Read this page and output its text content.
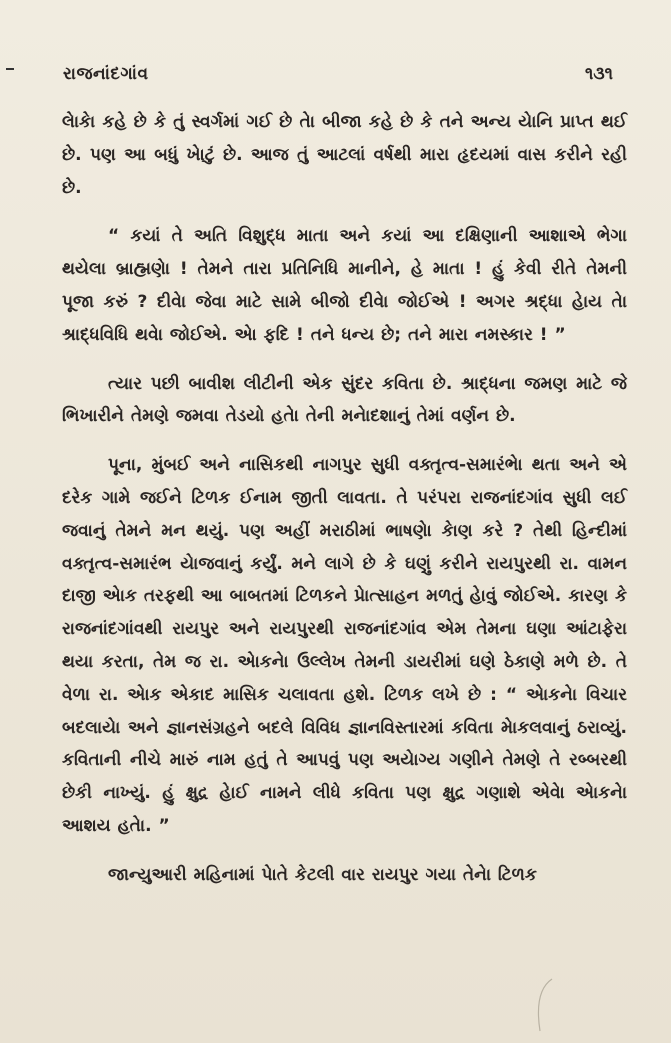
રાજનાંદગાંવ	૧૩૧

લેાકેા કહે છે કે તું સ્વર્ગમાં ગઈ છે તેા બીજા કહે છે કે તને અન્ય યેાનિ પ્રાપ્ત થઈ છે. પણ આ બધું ખેાટું છે. આજ તું આટલાં વર્ષથી મારા હૃદયમાં વાસ કરીને રહી છે.

“ કયાં તે અતિ વિશુદ્ધ માતા અને કયાં આ દક્ષિણાની આશાએ ભેગા થયેલા બ્રાહ્મણેા ! તેમને તારા પ્રતિનિધિ માનીને, હે માતા ! હું કેવી રીતે તેમની પૂજા કરું ? દીવેા જેવા માટે સામે બીજો દીવેા જોઈએ ! અગર શ્રદ્ધા હેાય તેા શ્રાદ્ધવિધિ થવેા જોઈએ. એા ફદિ ! તને ધન્ય છે; તને મારા નમસ્કાર ! ”

ત્યાર પછી બાવીશ લીટીની એક સુંદર કવિતા છે. શ્રાદ્ધના જમણ માટે જે ભિખારીને તેમણે જમવા તેડયો હતેા તેની મનેાદશાનું તેમાં વર્ણન છે.

પૂના, મુંબઈ અને નાસિકથી નાગપુર સુધી વક્તૃત્વ-સમારંભેા થતા અને એ દરેક ગામે જઈને ટિળક ઈનામ જીતી લાવતા. તે પરંપરા રાજનાંદગાંવ સુધી લઈ જવાનું તેમને મન થયું. પણ અહીં મરાઠીમાં ભાષણેા કેાણ કરે ? તેથી હિન્દીમાં વક્તૃત્વ-સમારંભ યેાજવાનું કર્યું. મને લાગે છે કે ઘણું કરીને રાયપુરથી રા. વામન દાજી એાક તરફથી આ બાબતમાં ટિળકને પ્રેાત્સાહન મળતું હેાવું જોઈએ. કારણ કે રાજનાંદગાંવથી રાયપુર અને રાયપુરથી રાજનાંદગાંવ એમ તેમના ઘણા આંટાફેરા થયા કરતા, તેમ જ રા. એાકનેા ઉલ્લેખ તેમની ડાયરીમાં ઘણે ઠેકાણે મળે છે. તે વેળા રા. એાક એકાદ માસિક ચલાવતા હશે. ટિળક લખે છે : “ એાકનેા વિચાર બદલાયેા અને જ્ઞાનસંગ્રહને બદલે વિવિધ જ્ઞાનવિસ્તારમાં કવિતા મેાકલવાનું ઠરાવ્યું. કવિતાની નીચે મારું નામ હતું તે આપવું પણ અયેાગ્ય ગણીને તેમણે તે રબ્બરથી છેકી નાખ્યું. હું ક્ષુદ્ર હેાઈ નામને લીધે કવિતા પણ ક્ષુદ્ર ગણાશે એવેા એાકનેા આશય હતેા. ”

જાન્યુઆરી મહિનામાં પેાતે કેટલી વાર રાયપુર ગયા તેનેા ટિળક
